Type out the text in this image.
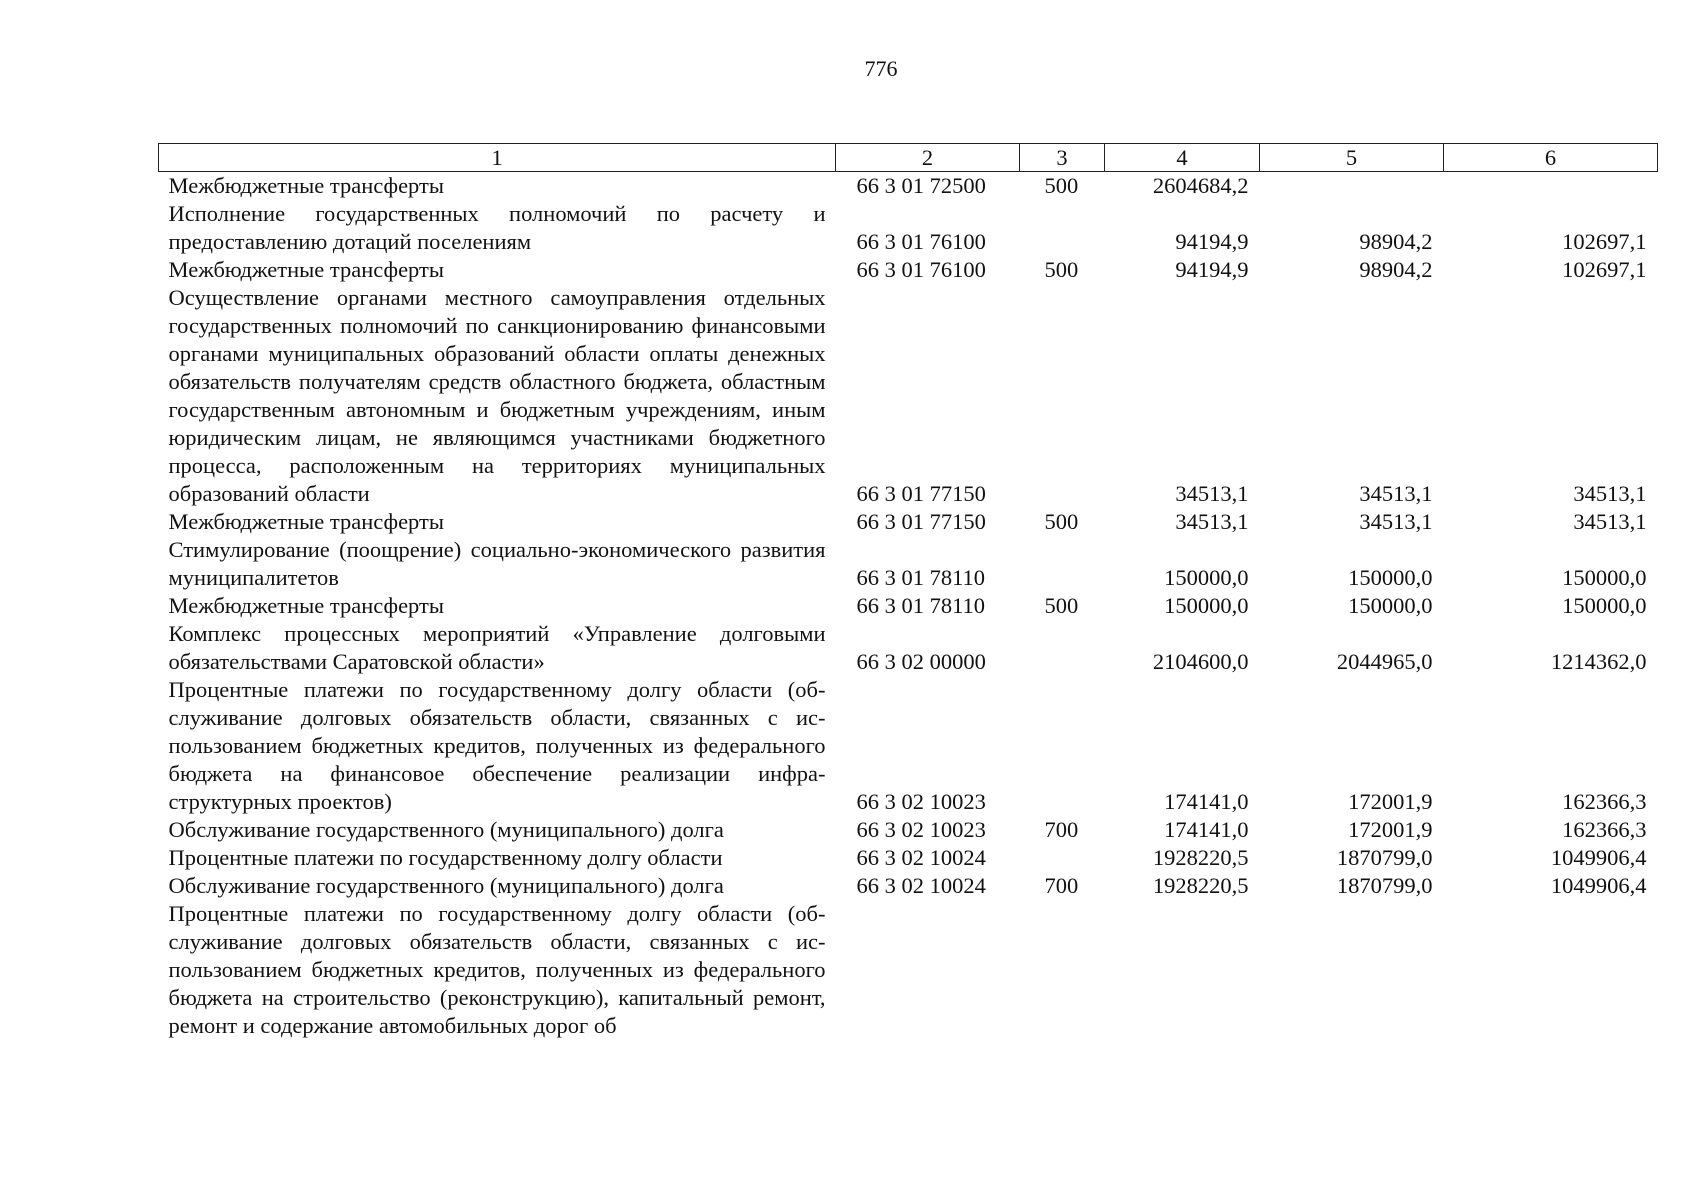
776
1	2	3	4	5	6
Межбюджетные трансферты	66 3 01 72500	500	2604684,2		
Исполнение государственных полномочий по расчету и предоставлению дотаций поселениям	66 3 01 76100		94194,9	98904,2	102697,1
Межбюджетные трансферты	66 3 01 76100	500	94194,9	98904,2	102697,1
Осуществление органами местного самоуправления отдельных государственных полномочий по санкционированию финансовыми органами муниципальных образований области оплаты денежных обязательств получателям средств областного бюджета, областным государственным автономным и бюджетным учреждениям, иным юридическим лицам, не являющимся участниками бюджетного процесса, расположенным на территориях муниципальных образований области	66 3 01 77150		34513,1	34513,1	34513,1
Межбюджетные трансферты	66 3 01 77150	500	34513,1	34513,1	34513,1
Стимулирование (поощрение) социально-экономического развития муниципалитетов	66 3 01 78110		150000,0	150000,0	150000,0
Межбюджетные трансферты	66 3 01 78110	500	150000,0	150000,0	150000,0
Комплекс процессных мероприятий «Управление долговыми обязательствами Саратовской области»	66 3 02 00000		2104600,0	2044965,0	1214362,0
Процентные платежи по государственному долгу области (обслуживание долговых обязательств области, связанных с использованием бюджетных кредитов, полученных из федерального бюджета на финансовое обеспечение реализации инфраструктурных проектов)	66 3 02 10023		174141,0	172001,9	162366,3
Обслуживание государственного (муниципального) долга	66 3 02 10023	700	174141,0	172001,9	162366,3
Процентные платежи по государственному долгу области	66 3 02 10024		1928220,5	1870799,0	1049906,4
Обслуживание государственного (муниципального) долга	66 3 02 10024	700	1928220,5	1870799,0	1049906,4
Процентные платежи по государственному долгу области (обслуживание долговых обязательств области, связанных с использованием бюджетных кредитов, полученных из федерального бюджета на строительство (реконструкцию), капитальный ремонт, ремонт и содержание автомобильных дорог об					
